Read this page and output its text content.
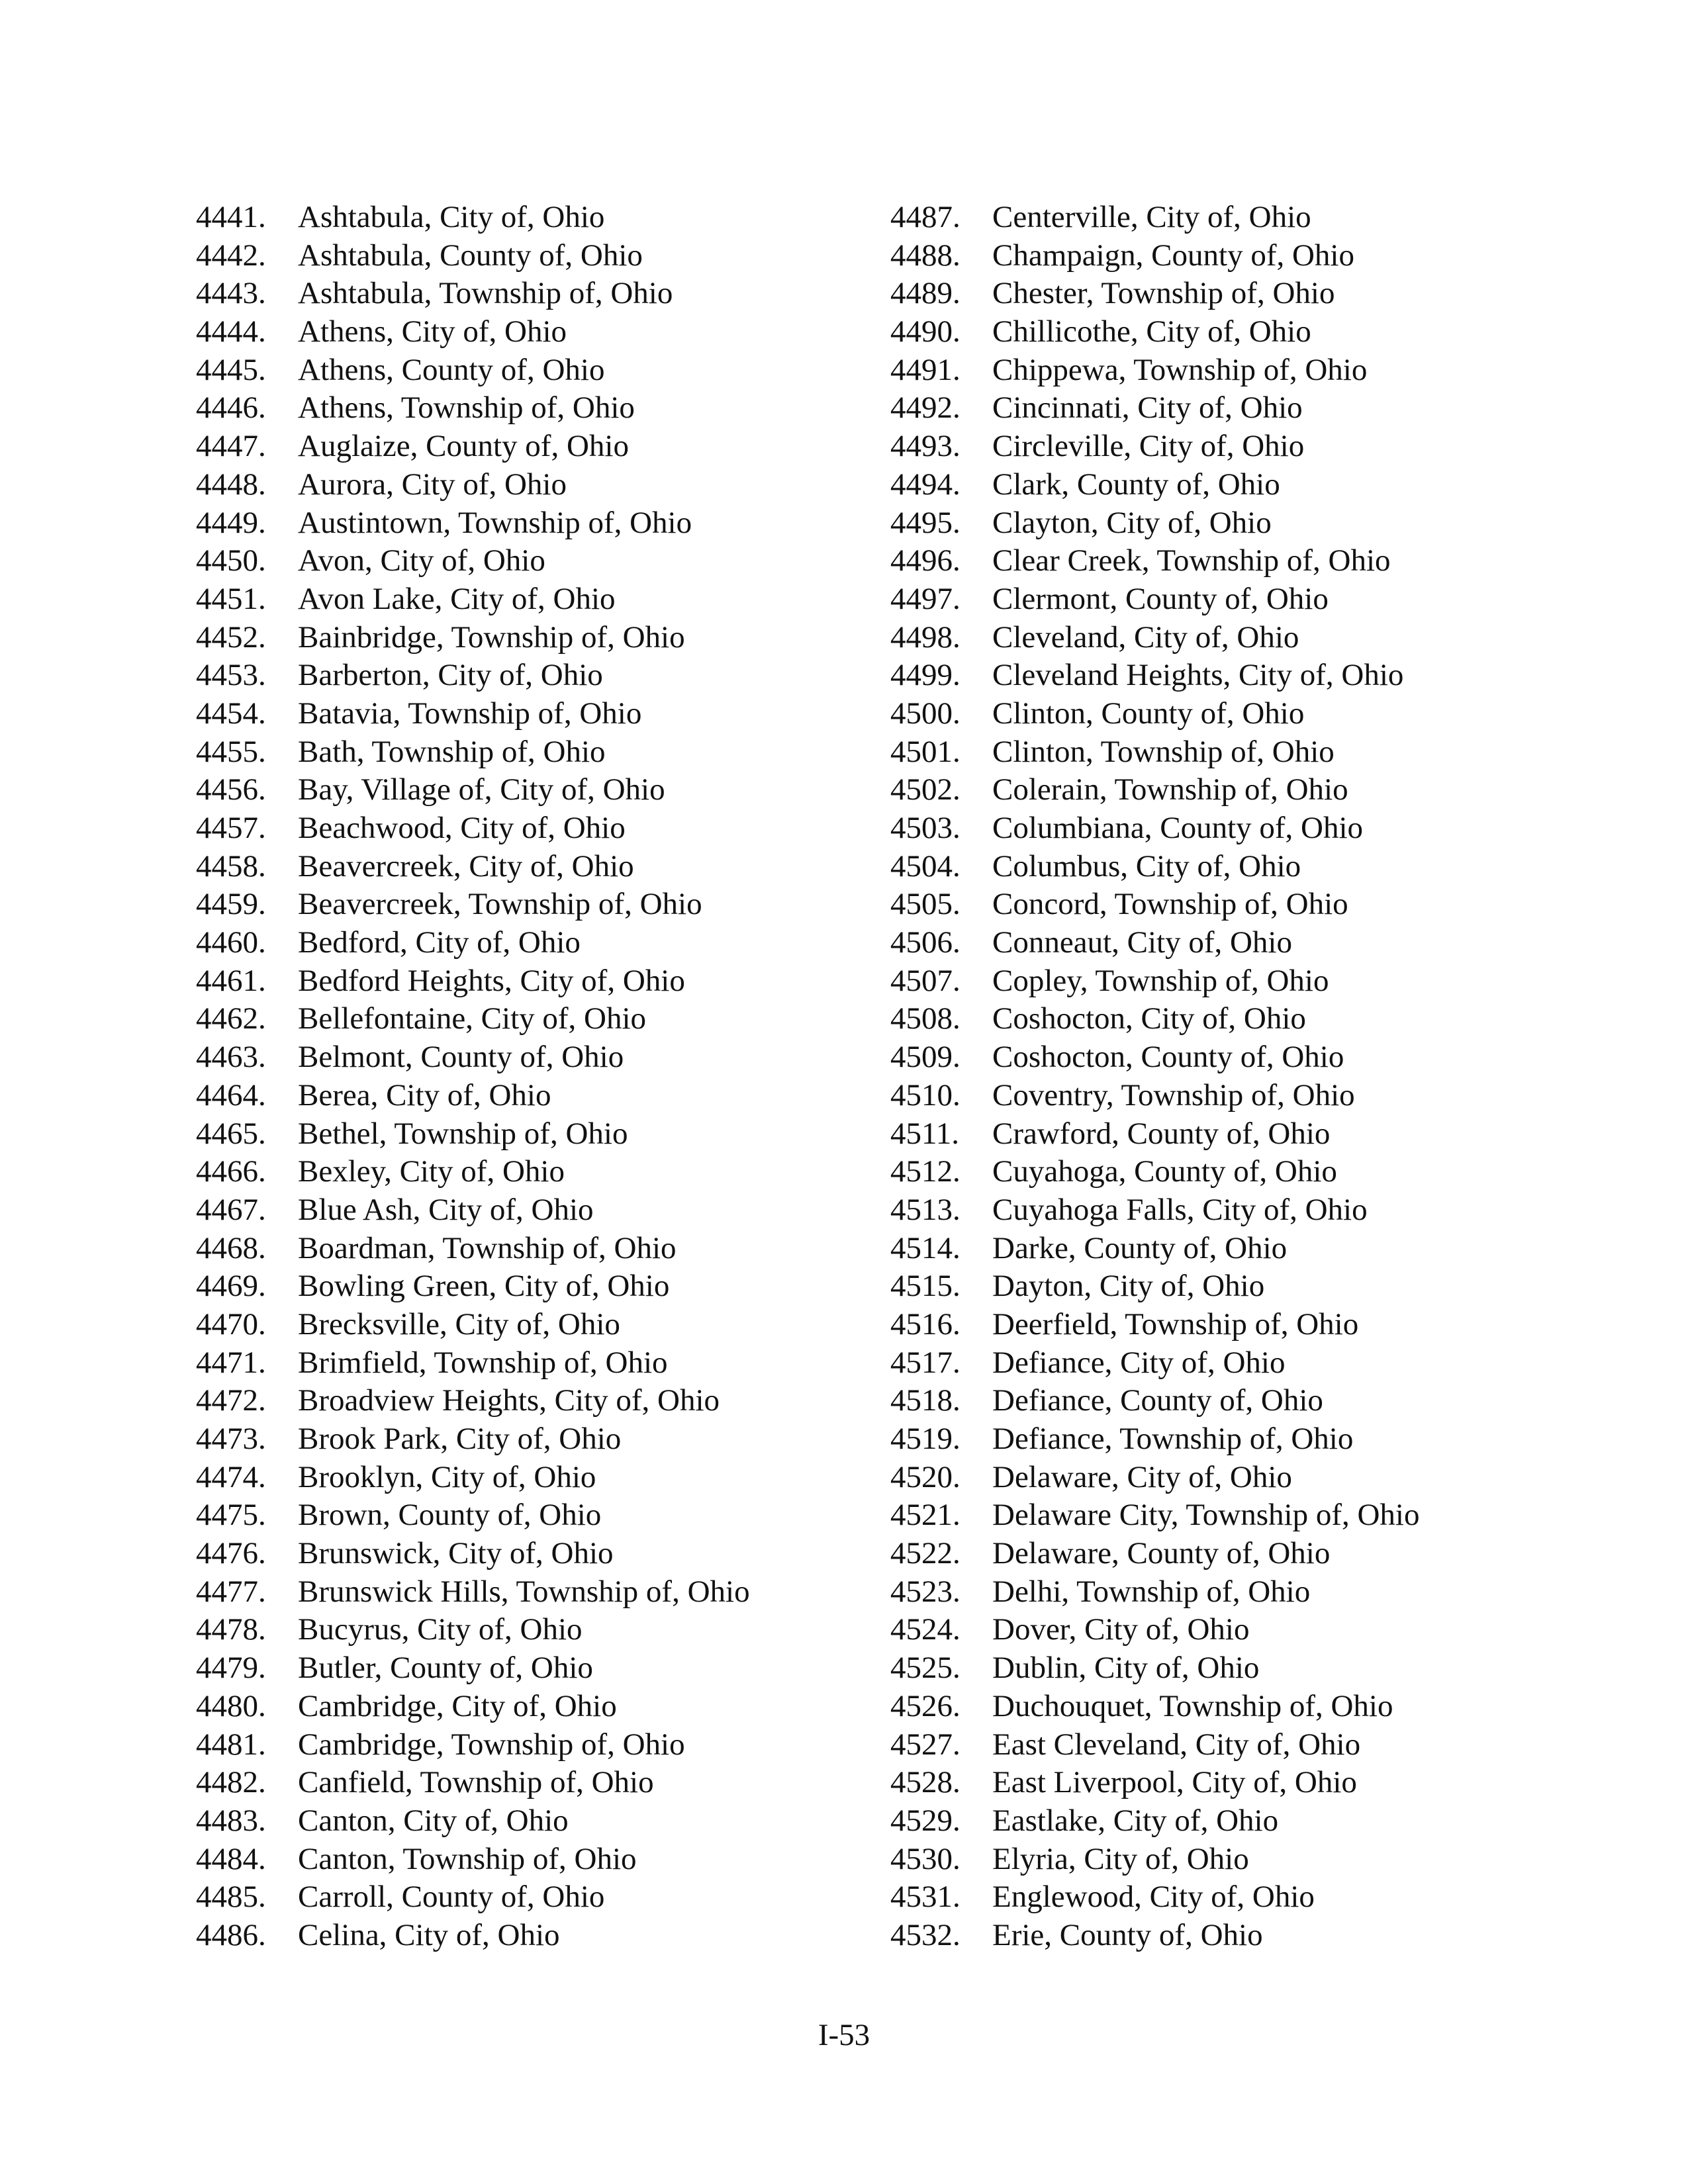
4441.	Ashtabula, City of, Ohio
4442.	Ashtabula, County of, Ohio
4443.	Ashtabula, Township of, Ohio
4444.	Athens, City of, Ohio
4445.	Athens, County of, Ohio
4446.	Athens, Township of, Ohio
4447.	Auglaize, County of, Ohio
4448.	Aurora, City of, Ohio
4449.	Austintown, Township of, Ohio
4450.	Avon, City of, Ohio
4451.	Avon Lake, City of, Ohio
4452.	Bainbridge, Township of, Ohio
4453.	Barberton, City of, Ohio
4454.	Batavia, Township of, Ohio
4455.	Bath, Township of, Ohio
4456.	Bay, Village of, City of, Ohio
4457.	Beachwood, City of, Ohio
4458.	Beavercreek, City of, Ohio
4459.	Beavercreek, Township of, Ohio
4460.	Bedford, City of, Ohio
4461.	Bedford Heights, City of, Ohio
4462.	Bellefontaine, City of, Ohio
4463.	Belmont, County of, Ohio
4464.	Berea, City of, Ohio
4465.	Bethel, Township of, Ohio
4466.	Bexley, City of, Ohio
4467.	Blue Ash, City of, Ohio
4468.	Boardman, Township of, Ohio
4469.	Bowling Green, City of, Ohio
4470.	Brecksville, City of, Ohio
4471.	Brimfield, Township of, Ohio
4472.	Broadview Heights, City of, Ohio
4473.	Brook Park, City of, Ohio
4474.	Brooklyn, City of, Ohio
4475.	Brown, County of, Ohio
4476.	Brunswick, City of, Ohio
4477.	Brunswick Hills, Township of, Ohio
4478.	Bucyrus, City of, Ohio
4479.	Butler, County of, Ohio
4480.	Cambridge, City of, Ohio
4481.	Cambridge, Township of, Ohio
4482.	Canfield, Township of, Ohio
4483.	Canton, City of, Ohio
4484.	Canton, Township of, Ohio
4485.	Carroll, County of, Ohio
4486.	Celina, City of, Ohio
4487.	Centerville, City of, Ohio
4488.	Champaign, County of, Ohio
4489.	Chester, Township of, Ohio
4490.	Chillicothe, City of, Ohio
4491.	Chippewa, Township of, Ohio
4492.	Cincinnati, City of, Ohio
4493.	Circleville, City of, Ohio
4494.	Clark, County of, Ohio
4495.	Clayton, City of, Ohio
4496.	Clear Creek, Township of, Ohio
4497.	Clermont, County of, Ohio
4498.	Cleveland, City of, Ohio
4499.	Cleveland Heights, City of, Ohio
4500.	Clinton, County of, Ohio
4501.	Clinton, Township of, Ohio
4502.	Colerain, Township of, Ohio
4503.	Columbiana, County of, Ohio
4504.	Columbus, City of, Ohio
4505.	Concord, Township of, Ohio
4506.	Conneaut, City of, Ohio
4507.	Copley, Township of, Ohio
4508.	Coshocton, City of, Ohio
4509.	Coshocton, County of, Ohio
4510.	Coventry, Township of, Ohio
4511.	Crawford, County of, Ohio
4512.	Cuyahoga, County of, Ohio
4513.	Cuyahoga Falls, City of, Ohio
4514.	Darke, County of, Ohio
4515.	Dayton, City of, Ohio
4516.	Deerfield, Township of, Ohio
4517.	Defiance, City of, Ohio
4518.	Defiance, County of, Ohio
4519.	Defiance, Township of, Ohio
4520.	Delaware, City of, Ohio
4521.	Delaware City, Township of, Ohio
4522.	Delaware, County of, Ohio
4523.	Delhi, Township of, Ohio
4524.	Dover, City of, Ohio
4525.	Dublin, City of, Ohio
4526.	Duchouquet, Township of, Ohio
4527.	East Cleveland, City of, Ohio
4528.	East Liverpool, City of, Ohio
4529.	Eastlake, City of, Ohio
4530.	Elyria, City of, Ohio
4531.	Englewood, City of, Ohio
4532.	Erie, County of, Ohio
I-53
